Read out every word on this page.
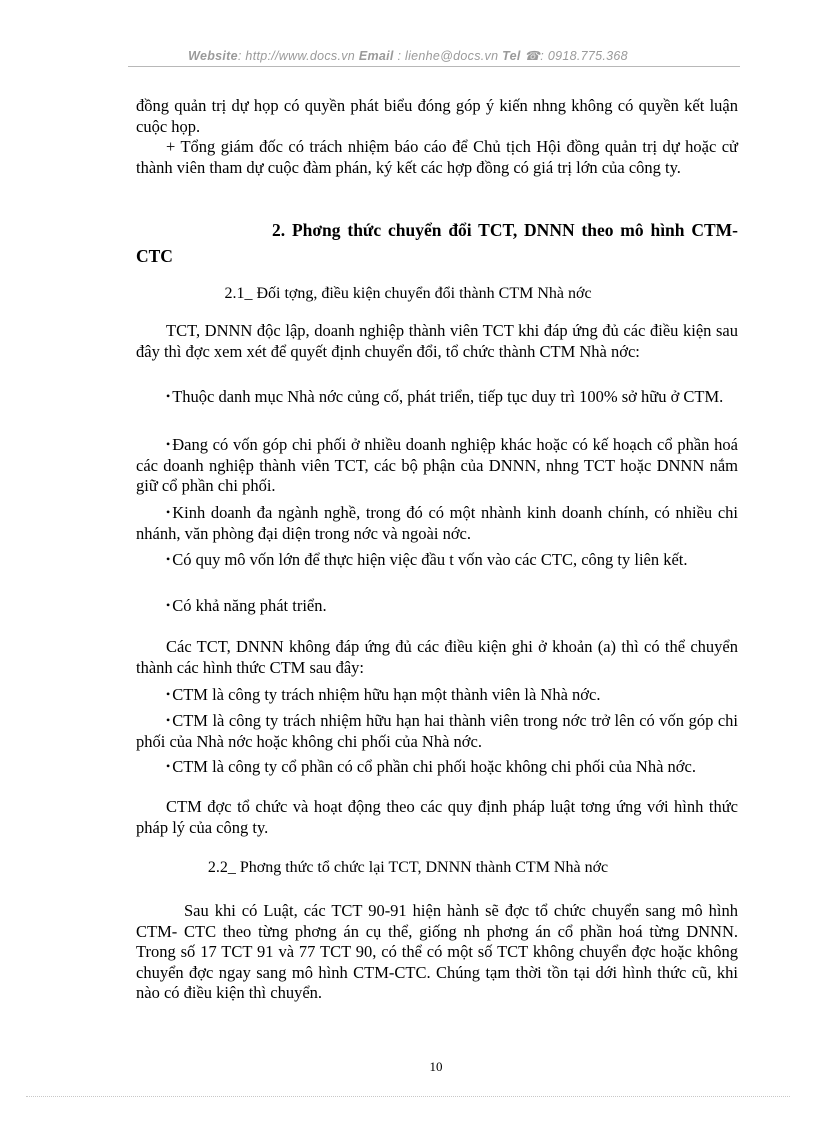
Website: http://www.docs.vn Email : lienhe@docs.vn Tel ☎: 0918.775.368

đồng quản trị dự họp có quyền phát biểu đóng góp ý kiến nhng không có quyền kết luận cuộc họp.

+ Tổng giám đốc có trách nhiệm báo cáo để Chủ tịch Hội đồng quản trị dự hoặc cử thành viên tham dự cuộc đàm phán, ký kết các hợp đồng có giá trị lớn của công ty.

2. Phơng thức chuyển đổi TCT, DNNN theo mô hình CTM-CTC

2.1_ Đối tợng, điều kiện chuyển đổi thành CTM Nhà nớc

TCT, DNNN độc lập, doanh nghiệp thành viên TCT khi đáp ứng đủ các điều kiện sau đây thì đợc xem xét để quyết định chuyển đổi, tổ chức thành CTM Nhà nớc:

• Thuộc danh mục Nhà nớc củng cố, phát triển, tiếp tục duy trì 100% sở hữu ở CTM.

• Đang có vốn góp chi phối ở nhiều doanh nghiệp khác hoặc có kế hoạch cổ phần hoá các doanh nghiệp thành viên TCT, các bộ phận của DNNN, nhng TCT hoặc DNNN nắm giữ cổ phần chi phối.

• Kinh doanh đa ngành nghề, trong đó có một nhành kinh doanh chính, có nhiều chi nhánh, văn phòng đại diện trong nớc và ngoài nớc.

• Có quy mô vốn lớn để thực hiện việc đầu t vốn vào các CTC, công ty liên kết.

• Có khả năng phát triển.

Các TCT, DNNN không đáp ứng đủ các điều kiện ghi ở khoản (a) thì có thể chuyển thành các hình thức CTM sau đây:

• CTM là công ty trách nhiệm hữu hạn một thành viên là Nhà nớc.

• CTM là công ty trách nhiệm hữu hạn hai thành viên trong nớc trở lên có vốn góp chi phối của Nhà nớc hoặc không chi phối của Nhà nớc.

• CTM là công ty cổ phần có cổ phần chi phối hoặc không chi phối của Nhà nớc.

CTM đợc tổ chức và hoạt động theo các quy định pháp luật tơng ứng với hình thức pháp lý của công ty.

2.2_ Phơng thức tổ chức lại TCT, DNNN thành CTM Nhà nớc

Sau khi có Luật, các TCT 90-91 hiện hành sẽ đợc tổ chức chuyển sang mô hình CTM- CTC theo từng phơng án cụ thể, giống nh phơng án cổ phần hoá từng DNNN. Trong số 17 TCT 91 và 77 TCT 90, có thể có một số TCT không chuyển đợc hoặc không chuyển đợc ngay sang mô hình CTM-CTC. Chúng tạm thời tồn tại dới hình thức cũ, khi nào có điều kiện thì chuyển.

10
